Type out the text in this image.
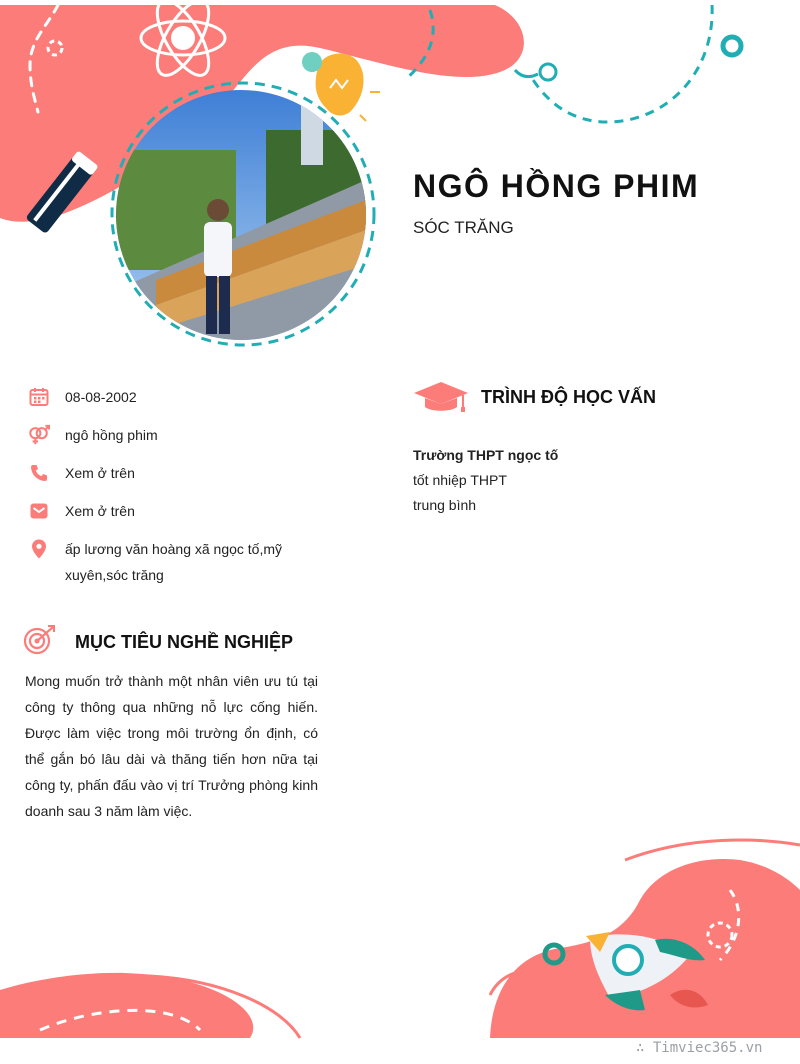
NGÔ HỒNG PHIM
SÓC TRĂNG
08-08-2002
ngô hồng phim
Xem ở trên
Xem ở trên
ấp lương văn hoàng xã ngọc tố,mỹ xuyên,sóc trăng
MỤC TIÊU NGHỀ NGHIỆP
Mong muốn trở thành một nhân viên ưu tú tại công ty thông qua những nỗ lực cống hiến. Được làm việc trong môi trường ổn định, có thể gắn bó lâu dài và thăng tiến hơn nữa tại công ty, phấn đấu vào vị trí Trưởng phòng kinh doanh sau 3 năm làm việc.
TRÌNH ĐỘ HỌC VẤN
Trường THPT ngọc tố
tốt nhiệp THPT
trung bình
∴ Timviec365.vn
